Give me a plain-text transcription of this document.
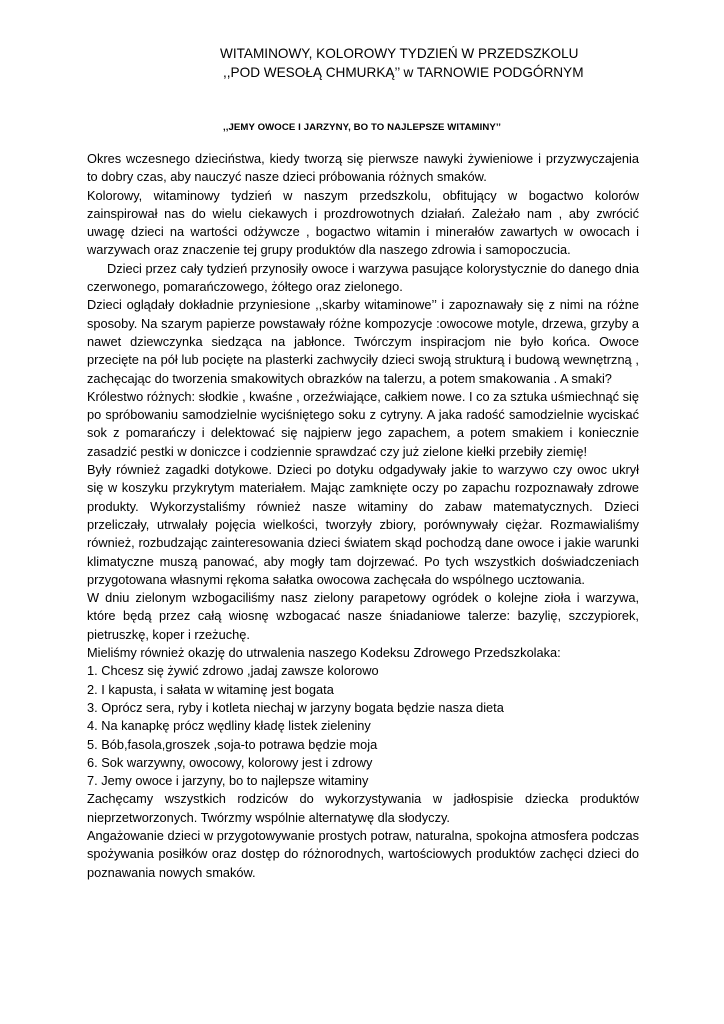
WITAMINOWY, KOLOROWY TYDZIEŃ W PRZEDSZKOLU
,,POD WESOŁĄ CHMURKĄ’’ w TARNOWIE PODGÓRNYM
,,JEMY OWOCE I JARZYNY, BO TO NAJLEPSZE WITAMINY’’

Okres wczesnego dzieciństwa, kiedy tworzą się pierwsze nawyki żywieniowe i przyzwyczajenia to dobry czas, aby nauczyć nasze dzieci próbowania różnych smaków.

Kolorowy, witaminowy tydzień w naszym przedszkolu, obfitujący w bogactwo kolorów zainspirował nas do wielu ciekawych i prozdrowotnych działań. Zależało nam , aby zwrócić uwagę dzieci na wartości odżywcze , bogactwo witamin i minerałów zawartych w owocach i warzywach oraz znaczenie tej grupy produktów dla naszego zdrowia i samopoczucia.

Dzieci przez cały tydzień przynosiły owoce i warzywa pasujące kolorystycznie do danego dnia czerwonego, pomarańczowego, żółtego oraz zielonego.

Dzieci oglądały dokładnie przyniesione ,,skarby witaminowe’’ i zapoznawały się z nimi na różne sposoby. Na szarym papierze powstawały różne kompozycje :owocowe motyle, drzewa, grzyby a nawet dziewczynka siedząca na jabłonce. Twórczym inspiracjom nie było końca. Owoce przecięte na pół lub pocięte na plasterki zachwyciły dzieci swoją strukturą i budową wewnętrzną , zachęcając do tworzenia smakowitych obrazków na talerzu, a potem smakowania . A smaki?

Królestwo różnych: słodkie , kwaśne , orzeźwiające, całkiem nowe. I co za sztuka uśmiechnąć się po spróbowaniu samodzielnie wyciśniętego soku z cytryny. A jaka radość samodzielnie wyciskać sok z pomarańczy i delektować się najpierw jego zapachem, a potem smakiem i koniecznie zasadzić pestki w doniczce i codziennie sprawdzać czy już zielone kiełki przebiły ziemię!

Były również zagadki dotykowe. Dzieci po dotyku odgadywały jakie to warzywo czy owoc ukrył się w koszyku przykrytym materiałem. Mając zamknięte oczy po zapachu rozpoznawały zdrowe produkty. Wykorzystaliśmy również nasze witaminy do zabaw matematycznych. Dzieci przeliczały, utrwalały pojęcia wielkości, tworzyły zbiory, porównywały ciężar. Rozmawialiśmy również, rozbudzając zainteresowania dzieci światem skąd pochodzą dane owoce i jakie warunki klimatyczne muszą panować, aby mogły tam dojrzewać. Po tych wszystkich doświadczeniach przygotowana własnymi rękoma sałatka owocowa zachęcała do wspólnego ucztowania.

W dniu zielonym wzbogaciliśmy nasz zielony parapetowy ogródek o kolejne zioła i warzywa, które będą przez całą wiosnę wzbogacać nasze śniadaniowe talerze: bazylię, szczypiorek, pietruszkę, koper i rzeżuchę.

Mieliśmy również okazję do utrwalenia naszego Kodeksu Zdrowego Przedszkolaka:

1. Chcesz się żywić zdrowo ,jadaj zawsze kolorowo
2. I kapusta, i sałata w witaminę jest bogata
3. Oprócz sera, ryby i kotleta niechaj w jarzyny bogata będzie nasza dieta
4. Na kanapkę prócz wędliny kładę listek zieleniny
5. Bób,fasola,groszek ,soja-to potrawa będzie moja
6. Sok warzywny, owocowy, kolorowy jest i zdrowy
7. Jemy owoce i jarzyny, bo to najlepsze witaminy

Zachęcamy wszystkich rodziców do wykorzystywania w jadłospisie dziecka produktów nieprzetworzonych. Twórzmy wspólnie alternatywę dla słodyczy.

Angażowanie dzieci w przygotowywanie prostych potraw, naturalna, spokojna atmosfera podczas spożywania posiłków oraz dostęp do różnorodnych, wartościowych produktów zachęci dzieci do poznawania nowych smaków.
